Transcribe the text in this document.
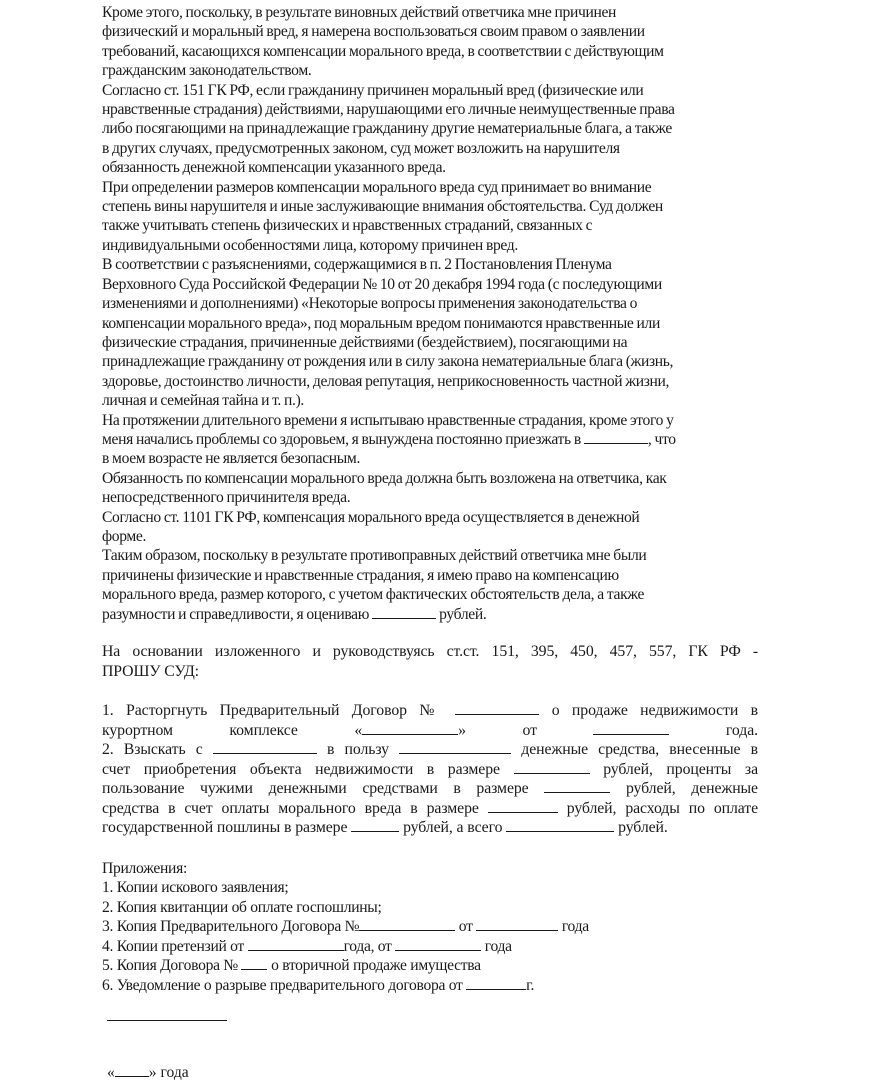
Кроме этого, поскольку, в результате виновных действий ответчика мне причинен
физический и моральный вред, я намерена воспользоваться своим правом о заявлении
требований, касающихся компенсации морального вреда, в соответствии с действующим
гражданским законодательством.
Согласно ст. 151 ГК РФ, если гражданину причинен моральный вред (физические или
нравственные страдания) действиями, нарушающими его личные неимущественные права
либо посягающими на принадлежащие гражданину другие нематериальные блага, а также
в других случаях, предусмотренных законом, суд может возложить на нарушителя
обязанность денежной компенсации указанного вреда.
При определении размеров компенсации морального вреда суд принимает во внимание
степень вины нарушителя и иные заслуживающие внимания обстоятельства. Суд должен
также учитывать степень физических и нравственных страданий, связанных с
индивидуальными особенностями лица, которому причинен вред.
В соответствии с разъяснениями, содержащимися в п. 2 Постановления Пленума
Верховного Суда Российской Федерации № 10 от 20 декабря 1994 года (с последующими
изменениями и дополнениями) «Некоторые вопросы применения законодательства о
компенсации морального вреда», под моральным вредом понимаются нравственные или
физические страдания, причиненные действиями (бездействием), посягающими на
принадлежащие гражданину от рождения или в силу закона нематериальные блага (жизнь,
здоровье, достоинство личности, деловая репутация, неприкосновенность частной жизни,
личная и семейная тайна и т. п.).
На протяжении длительного времени я испытываю нравственные страдания, кроме этого у
меня начались проблемы со здоровьем, я вынуждена постоянно приезжать в	, что
в моем возрасте не является безопасным.
Обязанность по компенсации морального вреда должна быть возложена на ответчика, как
непосредственного причинителя вреда.
Согласно ст. 1101 ГК РФ, компенсация морального вреда осуществляется в денежной
форме.
Таким образом, поскольку в результате противоправных действий ответчика мне были
причинены физические и нравственные страдания, я имею право на компенсацию
морального вреда, размер которого, с учетом фактических обстоятельств дела, а также
разумности и справедливости, я оцениваю	рублей.
На основании изложенного и руководствуясь ст.ст. 151, 395, 450, 457, 557, ГК РФ -
ПРОШУ СУД:
1. Расторгнуть Предварительный Договор №	о продаже недвижимости в
курортном	комплексе	«	»	от	года.
2. Взыскать с	в пользу	денежные средства, внесенные в
счет приобретения объекта недвижимости в размере	рублей, проценты за
пользование чужими денежными средствами в размере	рублей, денежные
средства в счет оплаты морального вреда в размере	рублей, расходы по оплате
государственной пошлины в размере	рублей, а всего	рублей.
Приложения:
1. Копии искового заявления;
2. Копия квитанции об оплате госпошлины;
3. Копия Предварительного Договора №	от	года
4. Копии претензий от	года, от	года
5. Копия Договора № о вторичной продаже имущества
6. Уведомление о разрыве предварительного договора от	г.
« » года
